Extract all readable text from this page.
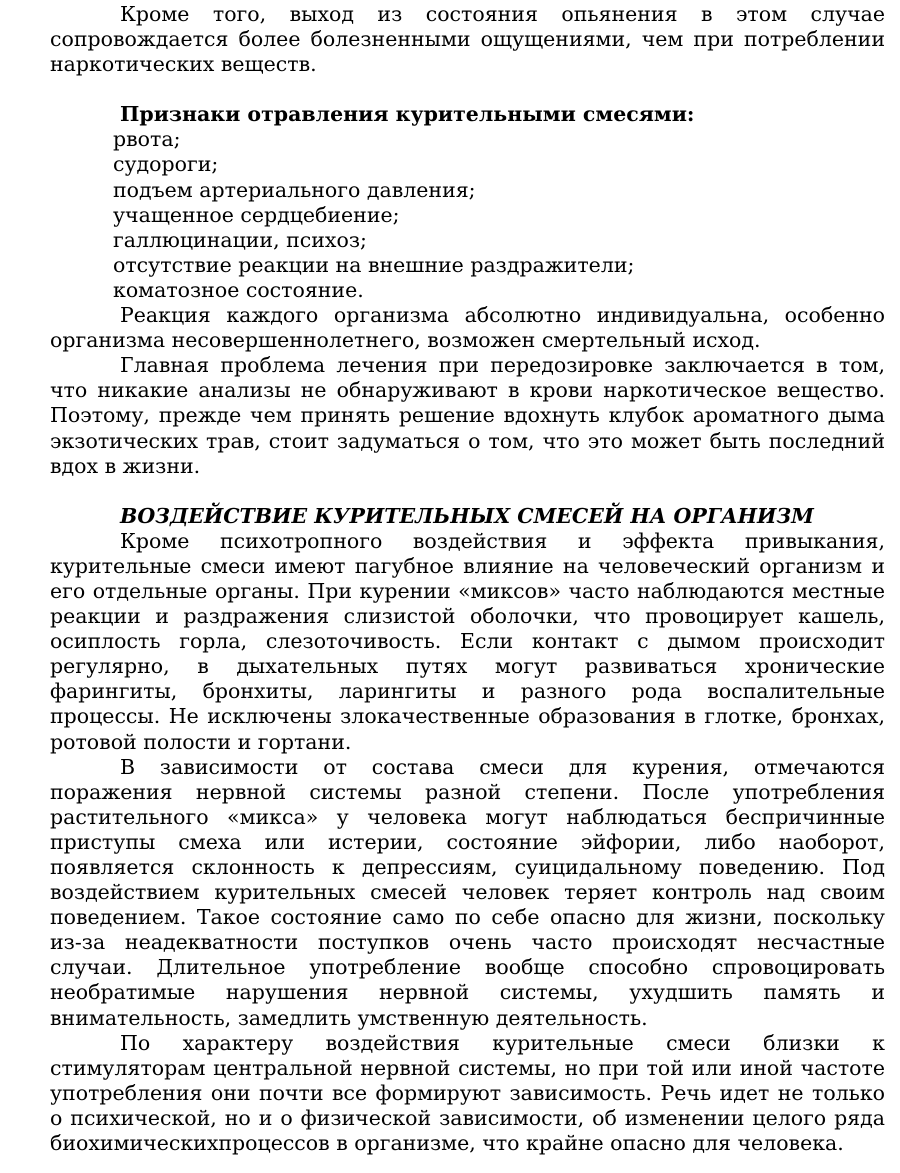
Кроме того, выход из состояния опьянения в этом случае сопровождается более болезненными ощущениями, чем при потреблении наркотических веществ.

Признаки отравления курительными смесями:

рвота;
судороги;
подъем артериального давления;
учащенное сердцебиение;
галлюцинации, психоз;
отсутствие реакции на внешние раздражители;
коматозное состояние.

Реакция каждого организма абсолютно индивидуальна, особенно организма несовершеннолетнего, возможен смертельный исход.

Главная проблема лечения при передозировке заключается в том, что никакие анализы не обнаруживают в крови наркотическое вещество. Поэтому, прежде чем принять решение вдохнуть клубок ароматного дыма экзотических трав, стоит задуматься о том, что это может быть последний вдох в жизни.

ВОЗДЕЙСТВИЕ КУРИТЕЛЬНЫХ СМЕСЕЙ НА ОРГАНИЗМ

Кроме психотропного воздействия и эффекта привыкания, курительные смеси имеют пагубное влияние на человеческий организм и его отдельные органы. При курении «миксов» часто наблюдаются местные реакции и раздражения слизистой оболочки, что провоцирует кашель, осиплость горла, слезоточивость. Если контакт с дымом происходит регулярно, в дыхательных путях могут развиваться хронические фарингиты, бронхиты, ларингиты и разного рода воспалительные процессы. Не исключены злокачественные образования в глотке, бронхах, ротовой полости и гортани.

В зависимости от состава смеси для курения, отмечаются поражения нервной системы разной степени. После употребления растительного «микса» у человека могут наблюдаться беспричинные приступы смеха или истерии, состояние эйфории, либо наоборот, появляется склонность к депрессиям, суицидальному поведению. Под воздействием курительных смесей человек теряет контроль над своим поведением. Такое состояние само по себе опасно для жизни, поскольку из-за неадекватности поступков очень часто происходят несчастные случаи. Длительное употребление вообще способно спровоцировать необратимые нарушения нервной системы, ухудшить память и внимательность, замедлить умственную деятельность.

По характеру воздействия курительные смеси близки к стимуляторам центральной нервной системы, но при той или иной частоте употребления они почти все формируют зависимость. Речь идет не только о психической, но и о физической зависимости, об изменении целого ряда биохимическихпроцессов в организме, что крайне опасно для человека.
